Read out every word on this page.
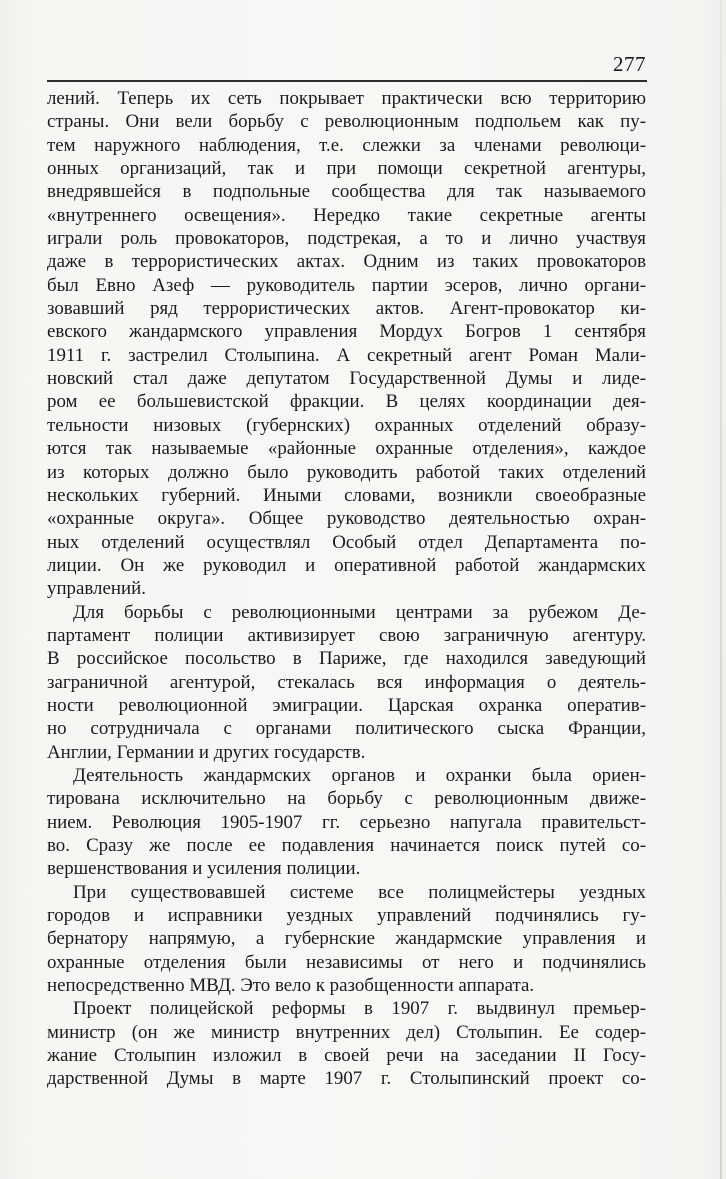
277
лений. Теперь их сеть покрывает практически всю территорию
страны. Они вели борьбу с революционным подпольем как пу-
тем наружного наблюдения, т.е. слежки за членами революци-
онных организаций, так и при помощи секретной агентуры,
внедрявшейся в подпольные сообщества для так называемого
«внутреннего освещения». Нередко такие секретные агенты
играли роль провокаторов, подстрекая, а то и лично участвуя
даже в террористических актах. Одним из таких провокаторов
был Евно Азеф — руководитель партии эсеров, лично органи-
зовавший ряд террористических актов. Агент-провокатор ки-
евского жандармского управления Мордух Богров 1 сентября
1911 г. застрелил Столыпина. А секретный агент Роман Мали-
новский стал даже депутатом Государственной Думы и лиде-
ром ее большевистской фракции. В целях координации дея-
тельности низовых (губернских) охранных отделений образу-
ются так называемые «районные охранные отделения», каждое
из которых должно было руководить работой таких отделений
нескольких губерний. Иными словами, возникли своеобразные
«охранные округа». Общее руководство деятельностью охран-
ных отделений осуществлял Особый отдел Департамента по-
лиции. Он же руководил и оперативной работой жандармских
управлений.
Для борьбы с революционными центрами за рубежом Де-
партамент полиции активизирует свою заграничную агентуру.
В российское посольство в Париже, где находился заведующий
заграничной агентурой, стекалась вся информация о деятель-
ности революционной эмиграции. Царская охранка оператив-
но сотрудничала с органами политического сыска Франции,
Англии, Германии и других государств.
Деятельность жандармских органов и охранки была ориен-
тирована исключительно на борьбу с революционным движе-
нием. Революция 1905-1907 гг. серьезно напугала правительст-
во. Сразу же после ее подавления начинается поиск путей со-
вершенствования и усиления полиции.
При существовавшей системе все полицмейстеры уездных
городов и исправники уездных управлений подчинялись гу-
бернатору напрямую, а губернские жандармские управления и
охранные отделения были независимы от него и подчинялись
непосредственно МВД. Это вело к разобщенности аппарата.
Проект полицейской реформы в 1907 г. выдвинул премьер-
министр (он же министр внутренних дел) Столыпин. Ее содер-
жание Столыпин изложил в своей речи на заседании II Госу-
дарственной Думы в марте 1907 г. Столыпинский проект со-
